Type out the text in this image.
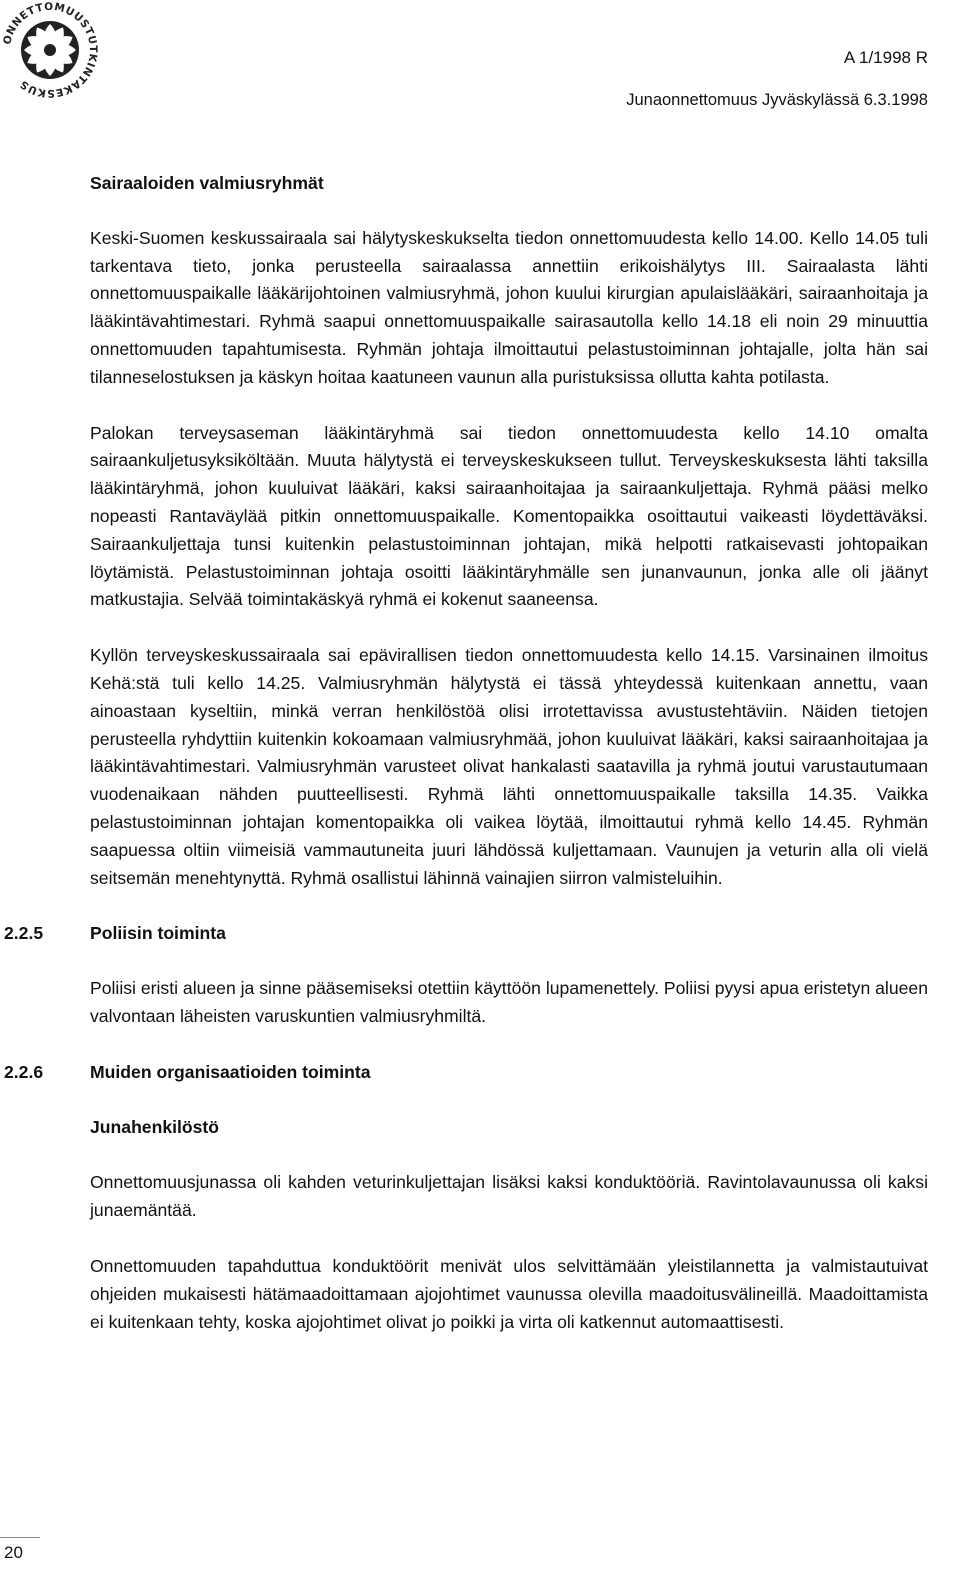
ONNETTOMUUSTUTKINTAKESKUS
A 1/1998 R
Junaonnettomuus Jyväskylässä 6.3.1998
Sairaaloiden valmiusryhmät

Keski-Suomen keskussairaala sai hälytyskeskukselta tiedon onnettomuudesta kello 14.00. Kello 14.05 tuli tarkentava tieto, jonka perusteella sairaalassa annettiin erikoishälytys III. Sairaalasta lähti onnettomuuspaikalle lääkärijohtoinen valmiusryhmä, johon kuului kirurgian apulaislääkäri, sairaanhoitaja ja lääkintävahtimestari. Ryhmä saapui onnettomuuspaikalle sairasautolla kello 14.18 eli noin 29 minuuttia onnettomuuden tapahtumisesta. Ryhmän johtaja ilmoittautui pelastustoiminnan johtajalle, jolta hän sai tilanneselostuksen ja käskyn hoitaa kaatuneen vaunun alla puristuksissa ollutta kahta potilasta.

Palokan terveysaseman lääkintäryhmä sai tiedon onnettomuudesta kello 14.10 omalta sairaankuljetusyksiköltään. Muuta hälytystä ei terveyskeskukseen tullut. Terveyskeskuksesta lähti taksilla lääkintäryhmä, johon kuuluivat lääkäri, kaksi sairaanhoitajaa ja sairaankuljettaja. Ryhmä pääsi melko nopeasti Rantaväylää pitkin onnettomuuspaikalle. Komentopaikka osoittautui vaikeasti löydettäväksi. Sairaankuljettaja tunsi kuitenkin pelastustoiminnan johtajan, mikä helpotti ratkaisevasti johtopaikan löytämistä. Pelastustoiminnan johtaja osoitti lääkintäryhmälle sen junanvaunun, jonka alle oli jäänyt matkustajia. Selvää toimintakäskyä ryhmä ei kokenut saaneensa.

Kyllön terveyskeskussairaala sai epävirallisen tiedon onnettomuudesta kello 14.15. Varsinainen ilmoitus Kehä:stä tuli kello 14.25. Valmiusryhmän hälytystä ei tässä yhteydessä kuitenkaan annettu, vaan ainoastaan kyseltiin, minkä verran henkilöstöä olisi irrotettavissa avustustehtäviin. Näiden tietojen perusteella ryhdyttiin kuitenkin kokoamaan valmiusryhmää, johon kuuluivat lääkäri, kaksi sairaanhoitajaa ja lääkintävahtimestari. Valmiusryhmän varusteet olivat hankalasti saatavilla ja ryhmä joutui varustautumaan vuodenaikaan nähden puutteellisesti. Ryhmä lähti onnettomuuspaikalle taksilla 14.35. Vaikka pelastustoiminnan johtajan komentopaikka oli vaikea löytää, ilmoittautui ryhmä kello 14.45. Ryhmän saapuessa oltiin viimeisiä vammautuneita juuri lähdössä kuljettamaan. Vaunujen ja veturin alla oli vielä seitsemän menehtynyttä. Ryhmä osallistui lähinnä vainajien siirron valmisteluihin.

2.2.5	Poliisin toiminta

Poliisi eristi alueen ja sinne pääsemiseksi otettiin käyttöön lupamenettely. Poliisi pyysi apua eristetyn alueen valvontaan läheisten varuskuntien valmiusryhmiltä.

2.2.6	Muiden organisaatioiden toiminta
Junahenkilöstö

Onnettomuusjunassa oli kahden veturinkuljettajan lisäksi kaksi konduktööriä. Ravintolavaunussa oli kaksi junaemäntää.

Onnettomuuden tapahduttua konduktöörit menivät ulos selvittämään yleistilannetta ja valmistautuivat ohjeiden mukaisesti hätämaadoittamaan ajojohtimet vaunussa olevilla maadoitusvälineillä. Maadoittamista ei kuitenkaan tehty, koska ajojohtimet olivat jo poikki ja virta oli katkennut automaattisesti.

20
